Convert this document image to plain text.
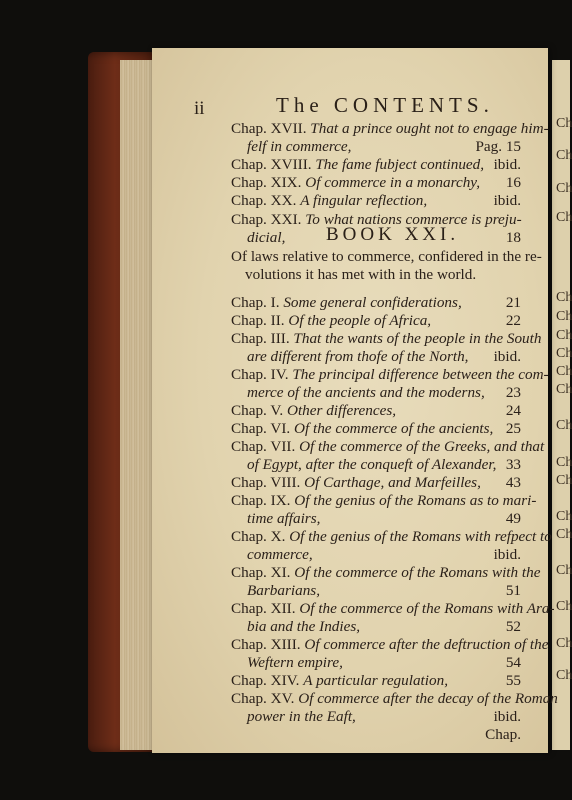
Ch
Ch
Ch
Ch
Ch
Ch
Ch
Ch
Ch
Ch
Ch
Ch
Ch
Ch
Ch
Ch
Ch
Ch
Ch
ii	The CONTENTS.
Chap. XVII. That a prince ought not to engage him-
felf in commerce,	Pag. 15
Chap. XVIII. The fame fubject continued, ibid.
Chap. XIX. Of commerce in a monarchy, 16
Chap. XX. A fingular reflection,	ibid.
Chap. XXI. To what nations commerce is preju-
dicial,	18
BOOK XXI.
Of laws relative to commerce, confidered in the re-
volutions it has met with in the world.
Chap. I. Some general confiderations,	21
Chap. II. Of the people of Africa,	22
Chap. III. That the wants of the people in the South
are different from thofe of the North, ibid.
Chap. IV. The principal difference between the com-
merce of the ancients and the moderns, 23
Chap. V. Other differences,	24
Chap. VI. Of the commerce of the ancients, 25
Chap. VII. Of the commerce of the Greeks, and that
of Egypt, after the conqueft of Alexander, 33
Chap. VIII. Of Carthage, and Marfeilles, 43
Chap. IX. Of the genius of the Romans as to mari-
time affairs,	49
Chap. X. Of the genius of the Romans with refpect to
commerce,	ibid.
Chap. XI. Of the commerce of the Romans with the
Barbarians,	51
Chap. XII. Of the commerce of the Romans with Ara-
bia and the Indies,	52
Chap. XIII. Of commerce after the deftruction of the
Weftern empire,	54
Chap. XIV. A particular regulation,	55
Chap. XV. Of commerce after the decay of the Roman
power in the Eaft,	ibid.
Chap.
